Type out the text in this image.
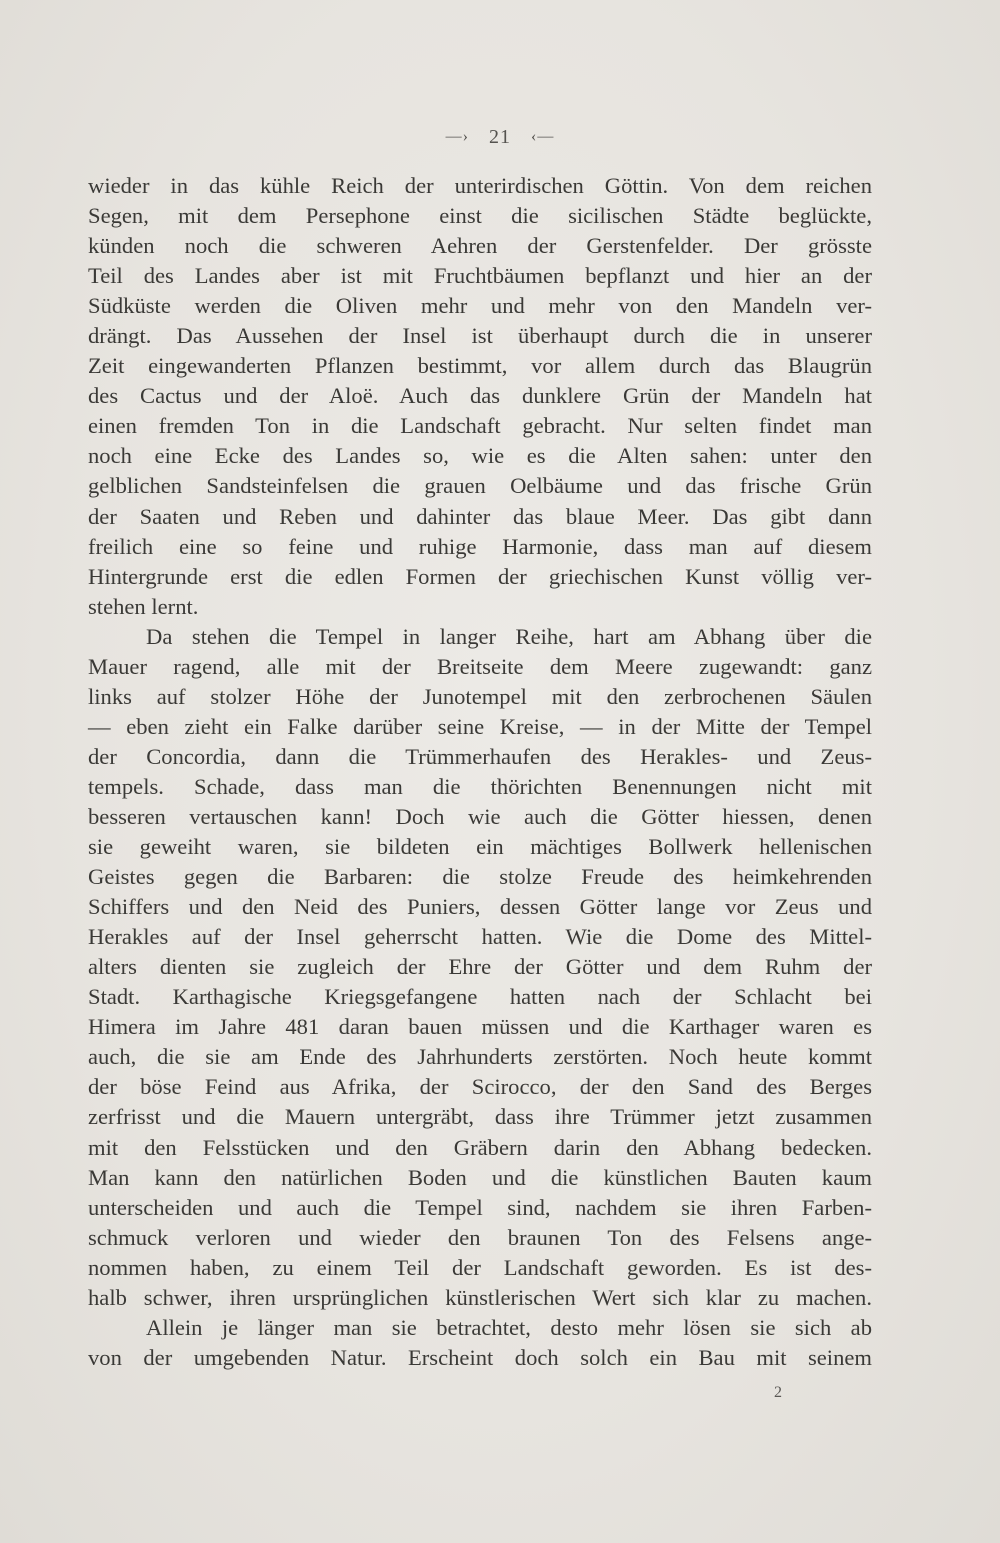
—› 21 ‹—
wieder in das kühle Reich der unterirdischen Göttin. Von dem reichen
Segen, mit dem Persephone einst die sicilischen Städte beglückte,
künden noch die schweren Aehren der Gerstenfelder. Der grösste
Teil des Landes aber ist mit Fruchtbäumen bepflanzt und hier an der
Südküste werden die Oliven mehr und mehr von den Mandeln ver-
drängt. Das Aussehen der Insel ist überhaupt durch die in unserer
Zeit eingewanderten Pflanzen bestimmt, vor allem durch das Blaugrün
des Cactus und der Aloë. Auch das dunklere Grün der Mandeln hat
einen fremden Ton in die Landschaft gebracht. Nur selten findet man
noch eine Ecke des Landes so, wie es die Alten sahen: unter den
gelblichen Sandsteinfelsen die grauen Oelbäume und das frische Grün
der Saaten und Reben und dahinter das blaue Meer. Das gibt dann
freilich eine so feine und ruhige Harmonie, dass man auf diesem
Hintergrunde erst die edlen Formen der griechischen Kunst völlig ver-
stehen lernt.
Da stehen die Tempel in langer Reihe, hart am Abhang über die
Mauer ragend, alle mit der Breitseite dem Meere zugewandt: ganz
links auf stolzer Höhe der Junotempel mit den zerbrochenen Säulen
— eben zieht ein Falke darüber seine Kreise, — in der Mitte der Tempel
der Concordia, dann die Trümmerhaufen des Herakles- und Zeus-
tempels. Schade, dass man die thörichten Benennungen nicht mit
besseren vertauschen kann! Doch wie auch die Götter hiessen, denen
sie geweiht waren, sie bildeten ein mächtiges Bollwerk hellenischen
Geistes gegen die Barbaren: die stolze Freude des heimkehrenden
Schiffers und den Neid des Puniers, dessen Götter lange vor Zeus und
Herakles auf der Insel geherrscht hatten. Wie die Dome des Mittel-
alters dienten sie zugleich der Ehre der Götter und dem Ruhm der
Stadt. Karthagische Kriegsgefangene hatten nach der Schlacht bei
Himera im Jahre 481 daran bauen müssen und die Karthager waren es
auch, die sie am Ende des Jahrhunderts zerstörten. Noch heute kommt
der böse Feind aus Afrika, der Scirocco, der den Sand des Berges
zerfrisst und die Mauern untergräbt, dass ihre Trümmer jetzt zusammen
mit den Felsstücken und den Gräbern darin den Abhang bedecken.
Man kann den natürlichen Boden und die künstlichen Bauten kaum
unterscheiden und auch die Tempel sind, nachdem sie ihren Farben-
schmuck verloren und wieder den braunen Ton des Felsens ange-
nommen haben, zu einem Teil der Landschaft geworden. Es ist des-
halb schwer, ihren ursprünglichen künstlerischen Wert sich klar zu machen.
Allein je länger man sie betrachtet, desto mehr lösen sie sich ab
von der umgebenden Natur. Erscheint doch solch ein Bau mit seinem
2
